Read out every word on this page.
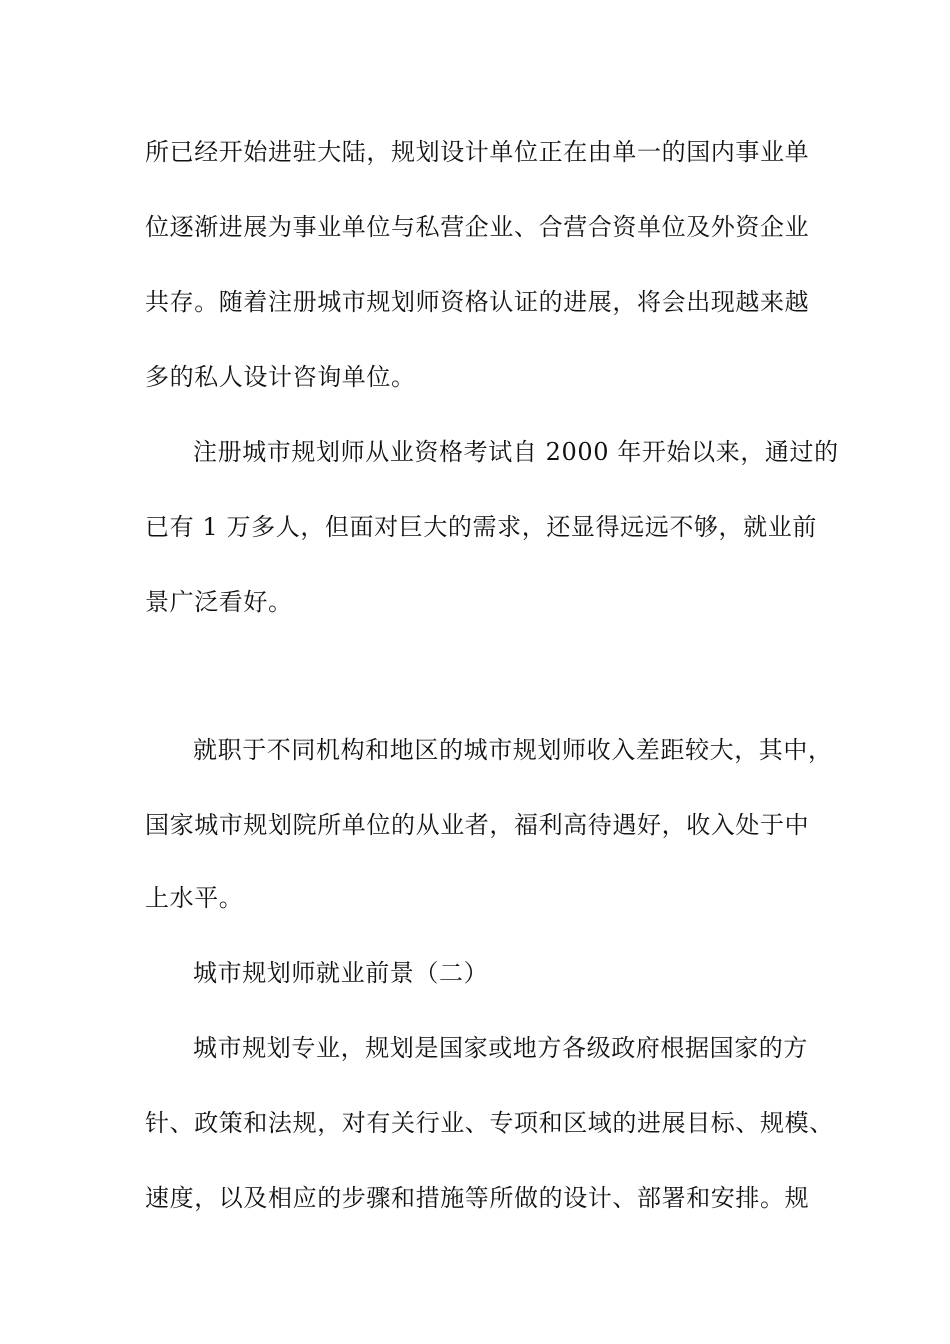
所已经开始进驻大陆，规划设计单位正在由单一的国内事业单
位逐渐进展为事业单位与私营企业、合营合资单位及外资企业
共存。随着注册城市规划师资格认证的进展，将会出现越来越
多的私人设计咨询单位。
注册城市规划师从业资格考试自 2000 年开始以来，通过的
已有 1 万多人，但面对巨大的需求，还显得远远不够，就业前
景广泛看好。
就职于不同机构和地区的城市规划师收入差距较大，其中，
国家城市规划院所单位的从业者，福利高待遇好，收入处于中
上水平。
城市规划师就业前景（二）
城市规划专业，规划是国家或地方各级政府根据国家的方
针、政策和法规，对有关行业、专项和区域的进展目标、规模、
速度，以及相应的步骤和措施等所做的设计、部署和安排。规
